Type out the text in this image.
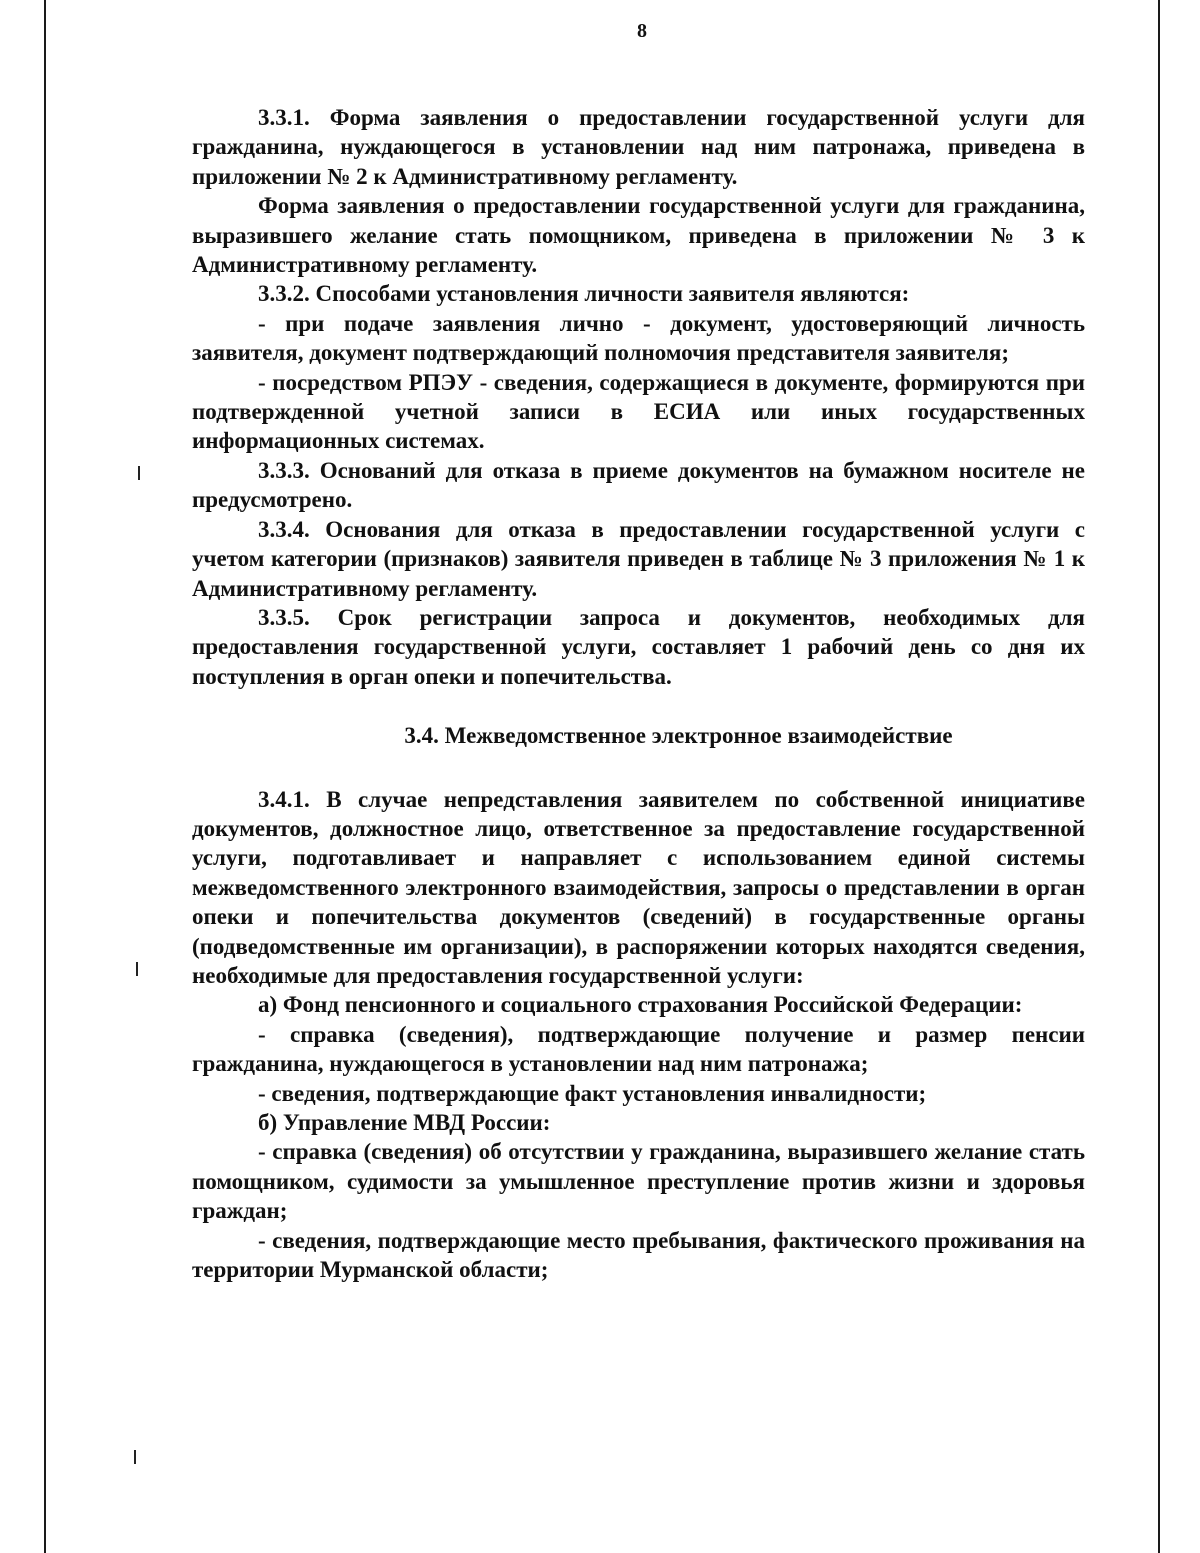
8

3.3.1. Форма заявления о предоставлении государственной услуги для гражданина, нуждающегося в установлении над ним патронажа, приведена в приложении № 2 к Административному регламенту.

Форма заявления о предоставлении государственной услуги для гражданина, выразившего желание стать помощником, приведена в приложении № 3 к Административному регламенту.

3.3.2. Способами установления личности заявителя являются:

- при подаче заявления лично - документ, удостоверяющий личность заявителя, документ подтверждающий полномочия представителя заявителя;

- посредством РПЭУ - сведения, содержащиеся в документе, формируются при подтвержденной учетной записи в ЕСИА или иных государственных информационных системах.

3.3.3. Оснований для отказа в приеме документов на бумажном носителе не предусмотрено.

3.3.4. Основания для отказа в предоставлении государственной услуги с учетом категории (признаков) заявителя приведен в таблице № 3 приложения № 1 к Административному регламенту.

3.3.5. Срок регистрации запроса и документов, необходимых для предоставления государственной услуги, составляет 1 рабочий день со дня их поступления в орган опеки и попечительства.

3.4. Межведомственное электронное взаимодействие

3.4.1. В случае непредставления заявителем по собственной инициативе документов, должностное лицо, ответственное за предоставление государственной услуги, подготавливает и направляет с использованием единой системы межведомственного электронного взаимодействия, запросы о представлении в орган опеки и попечительства документов (сведений) в государственные органы (подведомственные им организации), в распоряжении которых находятся сведения, необходимые для предоставления государственной услуги:

а) Фонд пенсионного и социального страхования Российской Федерации:

- справка (сведения), подтверждающие получение и размер пенсии гражданина, нуждающегося в установлении над ним патронажа;

- сведения, подтверждающие факт установления инвалидности;

б) Управление МВД России:

- справка (сведения) об отсутствии у гражданина, выразившего желание стать помощником, судимости за умышленное преступление против жизни и здоровья граждан;

- сведения, подтверждающие место пребывания, фактического проживания на территории Мурманской области;
